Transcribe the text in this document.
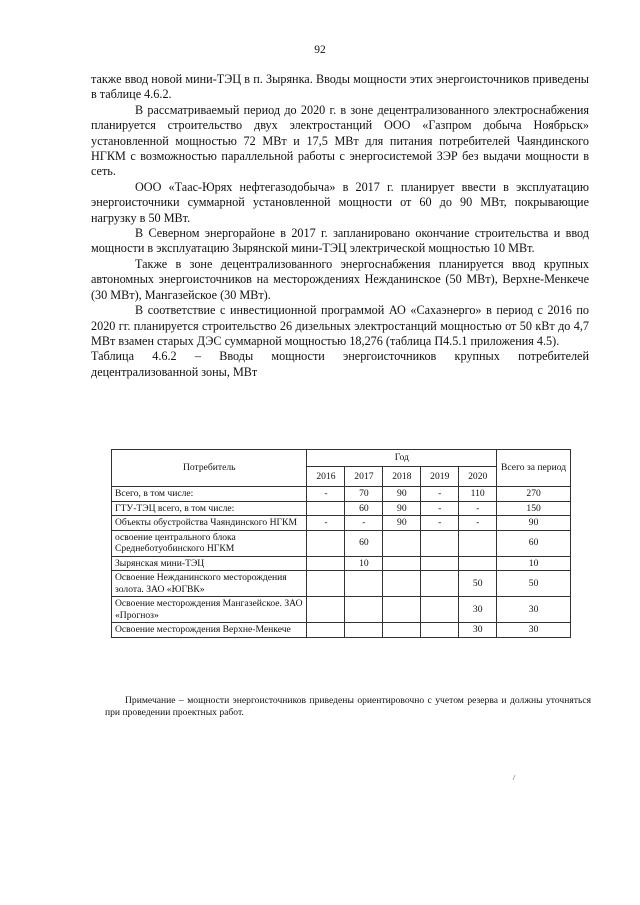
92

также ввод новой мини-ТЭЦ в п. Зырянка. Вводы мощности этих энергоисточников приведены в таблице 4.6.2.

В рассматриваемый период до 2020 г. в зоне децентрализованного электроснабжения планируется строительство двух электростанций ООО «Газпром добыча Ноябрьск» установленной мощностью 72 МВт и 17,5 МВт для питания потребителей Чаяндинского НГКМ с возможностью параллельной работы с энергосистемой ЗЭР без выдачи мощности в сеть.

ООО «Таас-Юрях нефтегазодобыча» в 2017 г. планирует ввести в эксплуатацию энергоисточники суммарной установленной мощности от 60 до 90 МВт, покрывающие нагрузку в 50 МВт.

В Северном энергорайоне в 2017 г. запланировано окончание строительства и ввод мощности в эксплуатацию Зырянской мини-ТЭЦ электрической мощностью 10 МВт.

Также в зоне децентрализованного энергоснабжения планируется ввод крупных автономных энергоисточников на месторождениях Нежданинское (50 МВт), Верхне-Менкече (30 МВт), Мангазейское (30 МВт).

В соответствие с инвестиционной программой АО «Сахаэнерго» в период с 2016 по 2020 гг. планируется строительство 26 дизельных электростанций мощностью от 50 кВт до 4,7 МВт взамен старых ДЭС суммарной мощностью 18,276 (таблица П4.5.1 приложения 4.5).

Таблица 4.6.2 – Вводы мощности энергоисточников крупных потребителей децентрализованной зоны, МВт

Потребитель	Год					Всего за период
	2016	2017	2018	2019	2020	
Всего, в том числе:	-	70	90	-	110	270
ГТУ-ТЭЦ всего, в том числе:		60	90	-	-	150
Объекты обустройства Чаяндинского НГКМ	-	-	90	-	-	90
освоение центрального блока Среднеботуобинского НГКМ		60				60
Зырянская мини-ТЭЦ		10				10
Освоение Нежданинского месторождения золота. ЗАО «ЮГВК»					50	50
Освоение месторождения Мангазейское. ЗАО «Прогноз»					30	30
Освоение месторождения Верхне-Менкече					30	30
Примечание – мощности энергоисточников приведены ориентировочно с учетом резерва и должны уточняться при проведении проектных работ.
